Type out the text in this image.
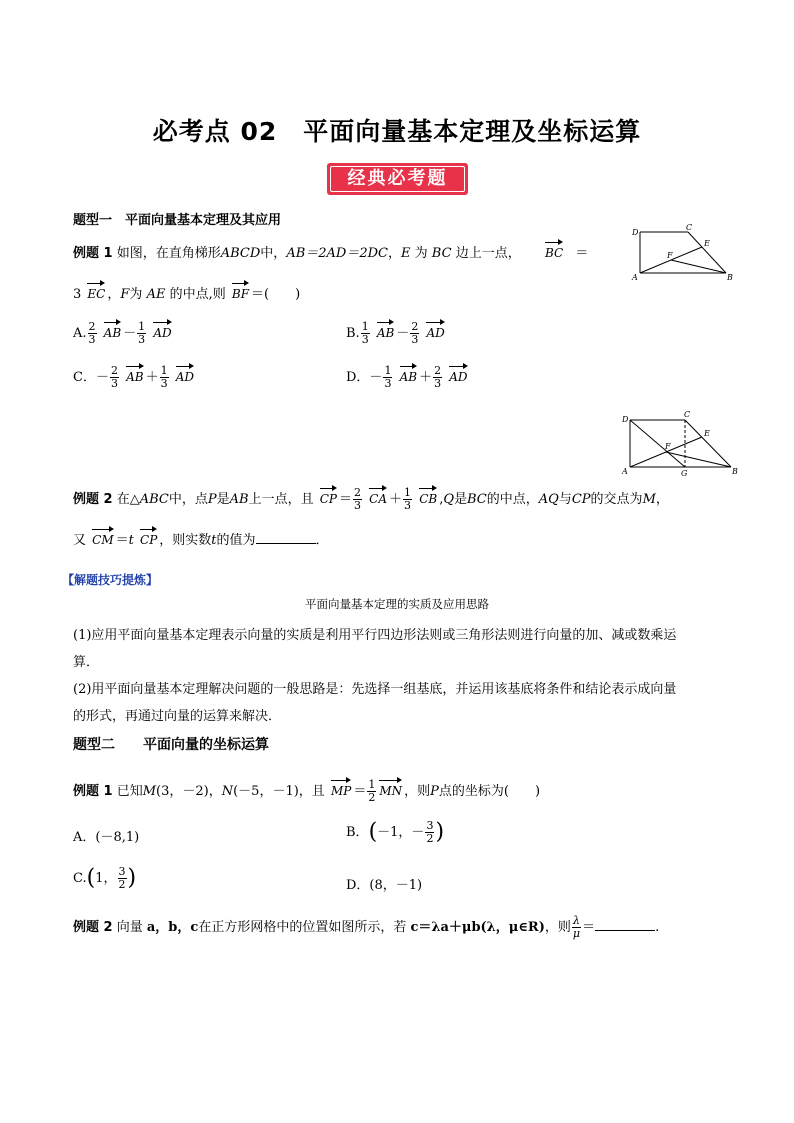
必考点 02　平面向量基本定理及坐标运算
经典必考题
题型一　平面向量基本定理及其应用
例题 1 如图，在直角梯形ABCD中，AB＝2AD＝2DC，E 为 BC 边上一点， BC ＝
3 EC ，F为 AE 的中点,则 BF ＝(　　)
A. $\frac{2}{3}$ AB － $\frac{1}{3}$ AD	B. $\frac{1}{3}$ AB － $\frac{2}{3}$ AD
C．－ $\frac{2}{3}$ AB ＋ $\frac{1}{3}$ AD	D．－ $\frac{1}{3}$ AB ＋ $\frac{2}{3}$ AD
D
C
E
F
A	B
D
C
E
F
A	G	B
例题 2 在△ABC中，点P是AB上一点，且 CP ＝ $\frac{2}{3}$ CA ＋ $\frac{1}{3}$ CB ,Q是BC的中点，AQ与CP的交点为M，
又 CM ＝t CP ，则实数t的值为	．
【解题技巧提炼】
平面向量基本定理的实质及应用思路
(1)应用平面向量基本定理表示向量的实质是利用平行四边形法则或三角形法则进行向量的加、减或数乘运
算．
(2)用平面向量基本定理解决问题的一般思路是：先选择一组基底，并运用该基底将条件和结论表示成向量
的形式，再通过向量的运算来解决．
题型二　　平面向量的坐标运算
例题 1 已知M(3，－2)，N(－5，－1)，且 MP ＝ $\frac{1}{2}$ MN ，则P点的坐标为(　　)
A．(－8,1)	B．(－1，－ $\frac{3}{2}$ )
C.(1， $\frac{3}{2}$ )	D．(8，－1)
例题 2 向量 a，b，c在正方形网格中的位置如图所示，若 c＝λa＋μb(λ，μ∈R)，则 $\frac{\lambda}{\mu}$ ＝	.
